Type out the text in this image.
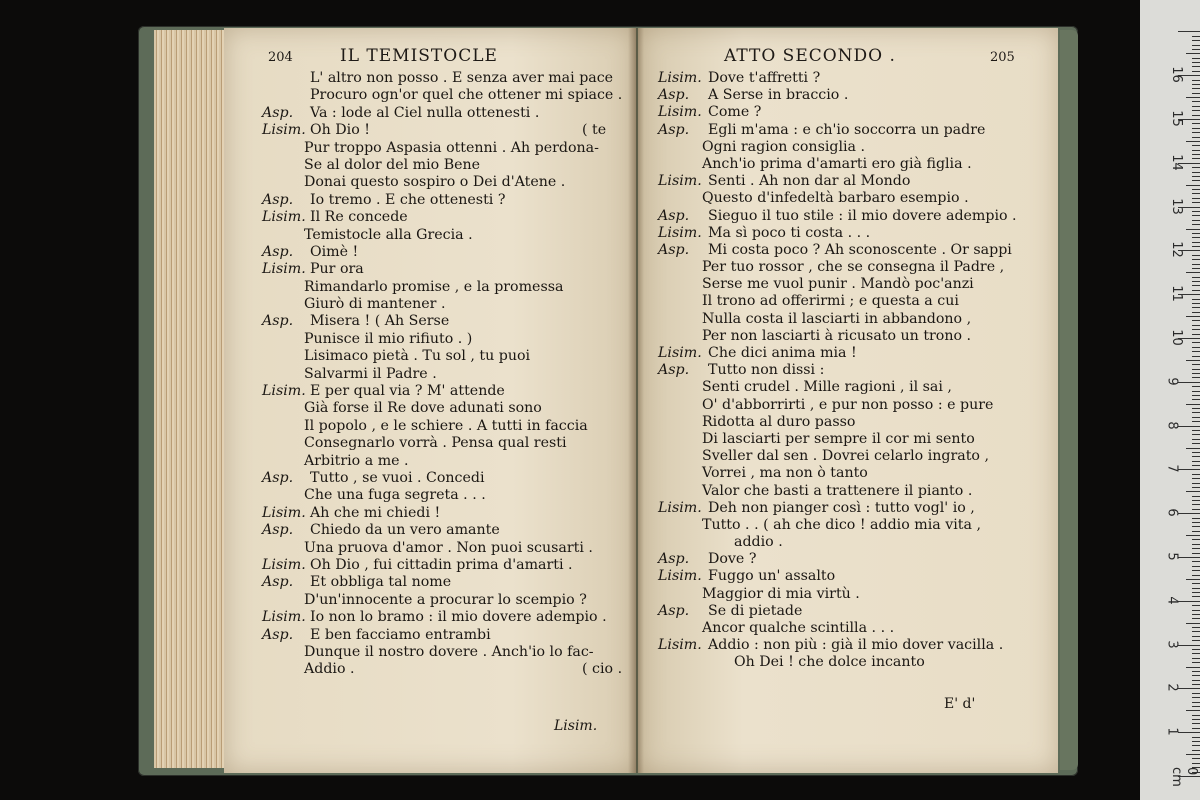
204	IL TEMISTOCLE
L' altro non posso . E senza aver mai pace
Procuro ogn'or quel che ottener mi spiace .
Asp. Va : lode al Ciel nulla ottenesti .
Lisim. Oh Dio !	( te
Pur troppo Aspasia ottenni . Ah perdona-
Se al dolor del mio Bene
Donai questo sospiro o Dei d'Atene .
Asp. Io tremo . E che ottenesti ?
Lisim. Il Re concede
Temistocle alla Grecia .
Asp. Oimè !
Lisim. Pur ora
Rimandarlo promise , e la promessa
Giurò di mantener .
Asp. Misera ! ( Ah Serse
Punisce il mio rifiuto . )
Lisimaco pietà . Tu sol , tu puoi
Salvarmi il Padre .
Lisim. E per qual via ? M' attende
Già forse il Re dove adunati sono
Il popolo , e le schiere . A tutti in faccia
Consegnarlo vorrà . Pensa qual resti
Arbitrio a me .
Asp. Tutto , se vuoi . Concedi
Che una fuga segreta . . .
Lisim. Ah che mi chiedi !
Asp. Chiedo da un vero amante
Una pruova d'amor . Non puoi scusarti .
Lisim. Oh Dio , fui cittadin prima d'amarti .
Asp. Et obbliga tal nome
D'un'innocente a procurar lo scempio ?
Lisim. Io non lo bramo : il mio dovere adempio .
Asp. E ben facciamo entrambi
Dunque il nostro dovere . Anch'io lo fac-
Addio .	( cio .
Lisim.
ATTO SECONDO .	205
Lisim. Dove t'affretti ?
Asp. A Serse in braccio .
Lisim. Come ?
Asp. Egli m'ama : e ch'io soccorra un padre
Ogni ragion consiglia .
Anch'io prima d'amarti ero già figlia .
Lisim. Senti . Ah non dar al Mondo
Questo d'infedeltà barbaro esempio .
Asp. Sieguo il tuo stile : il mio dovere adempio .
Lisim. Ma sì poco ti costa . . .
Asp. Mi costa poco ? Ah sconoscente . Or sappi
Per tuo rossor , che se consegna il Padre ,
Serse me vuol punir . Mandò poc'anzi
Il trono ad offerirmi ; e questa a cui
Nulla costa il lasciarti in abbandono ,
Per non lasciarti à ricusato un trono .
Lisim. Che dici anima mia !
Asp. Tutto non dissi :
Senti crudel . Mille ragioni , il sai ,
O' d'abborrirti , e pur non posso : e pure
Ridotta al duro passo
Di lasciarti per sempre il cor mi sento
Sveller dal sen . Dovrei celarlo ingrato ,
Vorrei , ma non ò tanto
Valor che basti a trattenere il pianto .
Lisim. Deh non pianger così : tutto vogl' io ,
Tutto . . ( ah che dico ! addio mia vita ,
addio .
Asp. Dove ?
Lisim. Fuggo un' assalto
Maggior di mia virtù .
Asp. Se di pietade
Ancor qualche scintilla . . .
Lisim. Addio : non più : già il mio dover vacilla .
Oh Dei ! che dolce incanto
E' d'
0 cm
1
2
3
4
5
6
7
8
9
10
11
12
13
14
15
16
